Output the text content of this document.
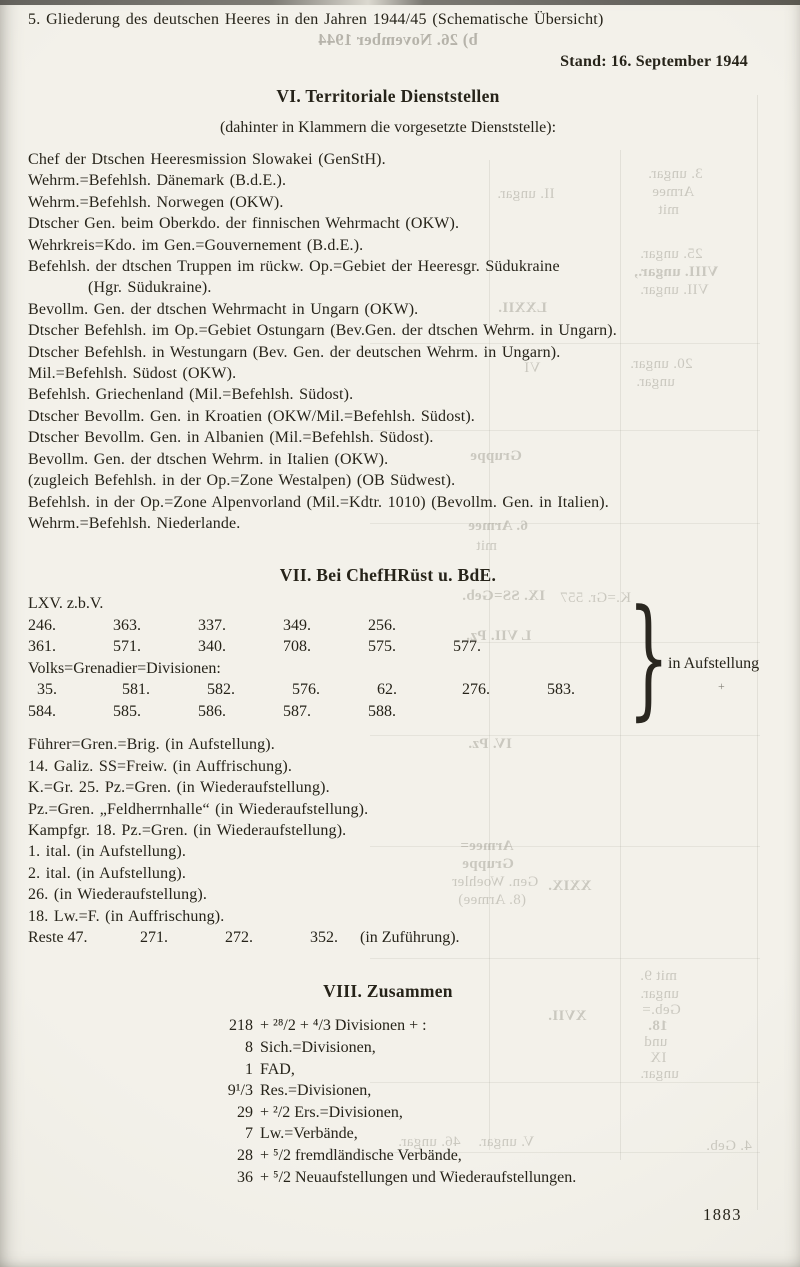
b) 26. November 1944
3. ungar.
Armee
mit
II. ungar.
25. ungar.
VIII. ungar.,
VII. ungar.
LXXII.
VI	20. ungar.
ungar.
Gruppe
6. Armee
mit
IX. SS=Geb. K.=Gr. 557
L VII. Pz.
IV. Pz.
Armee=
Gruppe
Gen. Woehler
(8. Armee)
XXIX.
XVII.
mit 9.
ungar.
Geb.=
18.
und
IX
ungar.
46. ungar. V. ungar.	4. Geb.
5. Gliederung des deutschen Heeres in den Jahren 1944/45 (Schematische Übersicht)
Stand: 16. September 1944
VI. Territoriale Dienststellen
(dahinter in Klammern die vorgesetzte Dienststelle):
Chef der Dtschen Heeresmission Slowakei (GenStH).
Wehrm.=Befehlsh. Dänemark (B.d.E.).
Wehrm.=Befehlsh. Norwegen (OKW).
Dtscher Gen. beim Oberkdo. der finnischen Wehrmacht (OKW).
Wehrkreis=Kdo. im Gen.=Gouvernement (B.d.E.).
Befehlsh. der dtschen Truppen im rückw. Op.=Gebiet der Heeresgr. Südukraine
(Hgr. Südukraine).
Bevollm. Gen. der dtschen Wehrmacht in Ungarn (OKW).
Dtscher Befehlsh. im Op.=Gebiet Ostungarn (Bev.Gen. der dtschen Wehrm. in Ungarn).
Dtscher Befehlsh. in Westungarn (Bev. Gen. der deutschen Wehrm. in Ungarn).
Mil.=Befehlsh. Südost (OKW).
Befehlsh. Griechenland (Mil.=Befehlsh. Südost).
Dtscher Bevollm. Gen. in Kroatien (OKW/Mil.=Befehlsh. Südost).
Dtscher Bevollm. Gen. in Albanien (Mil.=Befehlsh. Südost).
Bevollm. Gen. der dtschen Wehrm. in Italien (OKW).
(zugleich Befehlsh. in der Op.=Zone Westalpen) (OB Südwest).
Befehlsh. in der Op.=Zone Alpenvorland (Mil.=Kdtr. 1010) (Bevollm. Gen. in Italien).
Wehrm.=Befehlsh. Niederlande.
VII. Bei ChefHRüst u. BdE.
LXV. z.b.V.
246.	363.	337.	349.	256.
361.	571.	340.	708.	575.	577.
Volks=Grenadier=Divisionen:
35.	581.	582.	576.	62.	276.	583.
584.	585.	586.	587.	588.	}
in Aufstellung
+
Führer=Gren.=Brig. (in Aufstellung).
14. Galiz. SS=Freiw. (in Auffrischung).
K.=Gr. 25. Pz.=Gren. (in Wiederaufstellung).
Pz.=Gren. „Feldherrnhalle“ (in Wiederaufstellung).
Kampfgr. 18. Pz.=Gren. (in Wiederaufstellung).
1. ital. (in Aufstellung).
2. ital. (in Aufstellung).
26. (in Wiederaufstellung).
18. Lw.=F. (in Auffrischung).
Reste 47.	271.	272.	352.	(in Zuführung).
VIII. Zusammen
218 + ²⁸/2 + ⁴/3 Divisionen + :
8 Sich.=Divisionen,
1 FAD,
9¹/3 Res.=Divisionen,
29 + ²/2 Ers.=Divisionen,
7 Lw.=Verbände,
28 + ⁵/2 fremdländische Verbände,
36 + ⁵/2 Neuaufstellungen und Wiederaufstellungen.
1883
